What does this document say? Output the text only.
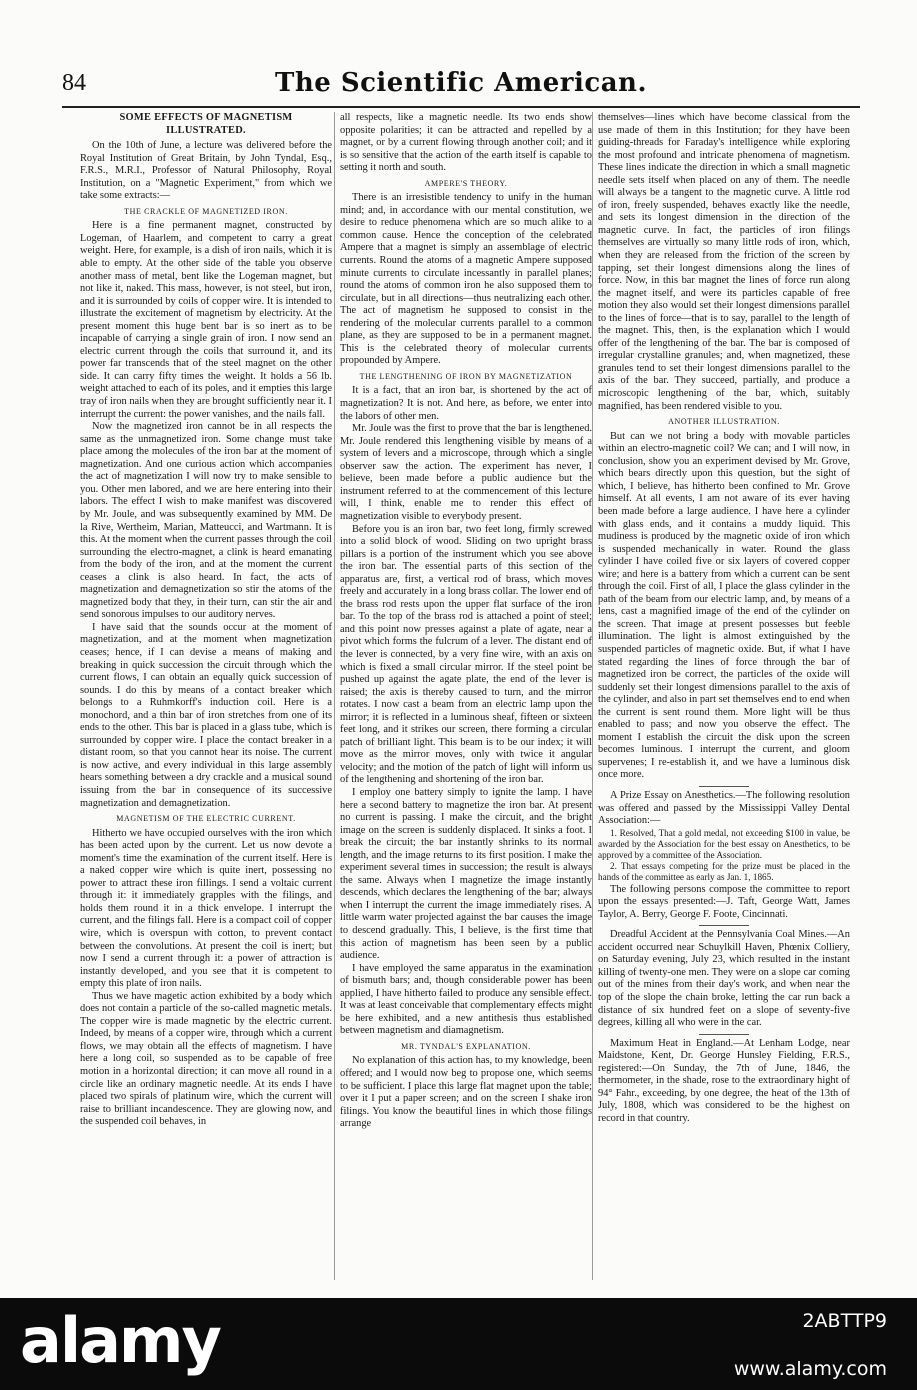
84	The Scientific American.
SOME EFFECTS OF MAGNETISM ILLUSTRATED.

On the 10th of June, a lecture was delivered before the Royal Institution of Great Britain, by John Tyndal, Esq., F.R.S., M.R.I., Professor of Natural Philosophy, Royal Institution, on a "Magnetic Experiment," from which we take some extracts:—

THE CRACKLE OF MAGNETIZED IRON.

Here is a fine permanent magnet, constructed by Logeman, of Haarlem, and competent to carry a great weight. Here, for example, is a dish of iron nails, which it is able to empty. At the other side of the table you observe another mass of metal, bent like the Logeman magnet, but not like it, naked. This mass, however, is not steel, but iron, and it is surrounded by coils of copper wire. It is intended to illustrate the excitement of magnetism by electricity. At the present moment this huge bent bar is so inert as to be incapable of carrying a single grain of iron. I now send an electric current through the coils that surround it, and its power far transcends that of the steel magnet on the other side. It can carry fifty times the weight. It holds a 56 lb. weight attached to each of its poles, and it empties this large tray of iron nails when they are brought sufficiently near it. I interrupt the current: the power vanishes, and the nails fall.

Now the magnetized iron cannot be in all respects the same as the unmagnetized iron. Some change must take place among the molecules of the iron bar at the moment of magnetization. And one curious action which accompanies the act of magnetization I will now try to make sensible to you. Other men labored, and we are here entering into their labors. The effect I wish to make manifest was discovered by Mr. Joule, and was subsequently examined by MM. De la Rive, Wertheim, Marian, Matteucci, and Wartmann. It is this. At the moment when the current passes through the coil surrounding the electro-magnet, a clink is heard emanating from the body of the iron, and at the moment the current ceases a clink is also heard. In fact, the acts of magnetization and demagnetization so stir the atoms of the magnetized body that they, in their turn, can stir the air and send sonorous impulses to our auditory nerves.

I have said that the sounds occur at the moment of magnetization, and at the moment when magnetization ceases; hence, if I can devise a means of making and breaking in quick succession the circuit through which the current flows, I can obtain an equally quick succession of sounds. I do this by means of a contact breaker which belongs to a Ruhmkorff's induction coil. Here is a monochord, and a thin bar of iron stretches from one of its ends to the other. This bar is placed in a glass tube, which is surrounded by copper wire. I place the contact breaker in a distant room, so that you cannot hear its noise. The current is now active, and every individual in this large assembly hears something between a dry crackle and a musical sound issuing from the bar in consequence of its successive magnetization and demagnetization.

MAGNETISM OF THE ELECTRIC CURRENT.

Hitherto we have occupied ourselves with the iron which has been acted upon by the current. Let us now devote a moment's time the examination of the current itself. Here is a naked copper wire which is quite inert, possessing no power to attract these iron fillings. I send a voltaic current through it: it immediately grapples with the filings, and holds them round it in a thick envelope. I interrupt the current, and the filings fall. Here is a compact coil of copper wire, which is overspun with cotton, to prevent contact between the convolutions. At present the coil is inert; but now I send a current through it: a power of attraction is instantly developed, and you see that it is competent to empty this plate of iron nails.

Thus we have magetic action exhibited by a body which does not contain a particle of the so-called magnetic metals. The copper wire is made magnetic by the electric current. Indeed, by means of a copper wire, through which a current flows, we may obtain all the effects of magnetism. I have here a long coil, so suspended as to be capable of free motion in a horizontal direction; it can move all round in a circle like an ordinary magnetic needle. At its ends I have placed two spirals of platinum wire, which the current will raise to brilliant incandescence. They are glowing now, and the suspended coil behaves, in

all respects, like a magnetic needle. Its two ends show opposite polarities; it can be attracted and repelled by a magnet, or by a current flowing through another coil; and it is so sensitive that the action of the earth itself is capable to setting it north and south.

AMPERE'S THEORY.

There is an irresistible tendency to unify in the human mind; and, in accordance with our mental constitution, we desire to reduce phenomena which are so much alike to a common cause. Hence the conception of the celebrated Ampere that a magnet is simply an assemblage of electric currents. Round the atoms of a magnetic Ampere supposed minute currents to circulate incessantly in parallel planes; round the atoms of common iron he also supposed them to circulate, but in all directions—thus neutralizing each other. The act of magnetism he supposed to consist in the rendering of the molecular currents parallel to a common plane, as they are supposed to be in a permanent magnet. This is the celebrated theory of molecular currents propounded by Ampere.

THE LENGTHENING OF IRON BY MAGNETIZATION

It is a fact, that an iron bar, is shortened by the act of magnetization? It is not. And here, as before, we enter into the labors of other men.

Mr. Joule was the first to prove that the bar is lengthened. Mr. Joule rendered this lengthening visible by means of a system of levers and a microscope, through which a single observer saw the action. The experiment has never, I believe, been made before a public audience but the instrument referred to at the commencement of this lecture will, I think, enable me to render this effect of magnetization visible to everybody present.

Before you is an iron bar, two feet long, firmly screwed into a solid block of wood. Sliding on two upright brass pillars is a portion of the instrument which you see above the iron bar. The essential parts of this section of the apparatus are, first, a vertical rod of brass, which moves freely and accurately in a long brass collar. The lower end of the brass rod rests upon the upper flat surface of the iron bar. To the top of the brass rod is attached a point of steel; and this point now presses against a plate of agate, near a pivot which forms the fulcrum of a lever. The distant end of the lever is connected, by a very fine wire, with an axis on which is fixed a small circular mirror. If the steel point be pushed up against the agate plate, the end of the lever is raised; the axis is thereby caused to turn, and the mirror rotates. I now cast a beam from an electric lamp upon the mirror; it is reflected in a luminous sheaf, fifteen or sixteen feet long, and it strikes our screen, there forming a circular patch of brilliant light. This beam is to be our index; it will move as the mirror moves, only with twice it angular velocity; and the motion of the patch of light will inform us of the lengthening and shortening of the iron bar.

I employ one battery simply to ignite the lamp. I have here a second battery to magnetize the iron bar. At present no current is passing. I make the circuit, and the bright image on the screen is suddenly displaced. It sinks a foot. I break the circuit; the bar instantly shrinks to its normal length, and the image returns to its first position. I make the experiment several times in succession; the result is always the same. Always when I magnetize the image instantly descends, which declares the lengthening of the bar; always when I interrupt the current the image immediately rises. A little warm water projected against the bar causes the image to descend gradually. This, I believe, is the first time that this action of magnetism has been seen by a public audience.

I have employed the same apparatus in the examination of bismuth bars; and, though considerable power has been applied, I have hitherto failed to produce any sensible effect. It was at least conceivable that complementary effects might be here exhibited, and a new antithesis thus established between magnetism and diamagnetism.

MR. TYNDAL'S EXPLANATION.

No explanation of this action has, to my knowledge, been offered; and I would now beg to propose one, which seems to be sufficient. I place this large flat magnet upon the table; over it I put a paper screen; and on the screen I shake iron filings. You know the beautiful lines in which those filings arrange

themselves—lines which have become classical from the use made of them in this Institution; for they have been guiding-threads for Faraday's intelligence while exploring the most profound and intricate phenomena of magnetism. These lines indicate the direction in which a small magnetic needle sets itself when placed on any of them. The needle will always be a tangent to the magnetic curve. A little rod of iron, freely suspended, behaves exactly like the needle, and sets its longest dimension in the direction of the magnetic curve. In fact, the particles of iron filings themselves are virtually so many little rods of iron, which, when they are released from the friction of the screen by tapping, set their longest dimensions along the lines of force. Now, in this bar magnet the lines of force run along the magnet itself, and were its particles capable of free motion they also would set their longest dimensions parallel to the lines of force—that is to say, parallel to the length of the magnet. This, then, is the explanation which I would offer of the lengthening of the bar. The bar is composed of irregular crystalline granules; and, when magnetized, these granules tend to set their longest dimensions parallel to the axis of the bar. They succeed, partially, and produce a microscopic lengthening of the bar, which, suitably magnified, has been rendered visible to you.

ANOTHER ILLUSTRATION.

But can we not bring a body with movable particles within an electro-magnetic coil? We can; and I will now, in conclusion, show you an experiment devised by Mr. Grove, which bears directly upon this question, but the sight of which, I believe, has hitherto been confined to Mr. Grove himself. At all events, I am not aware of its ever having been made before a large audience. I have here a cylinder with glass ends, and it contains a muddy liquid. This mudiness is produced by the magnetic oxide of iron which is suspended mechanically in water. Round the glass cylinder I have coiled five or six layers of covered copper wire; and here is a battery from which a current can be sent through the coil. First of all, I place the glass cylinder in the path of the beam from our electric lamp, and, by means of a lens, cast a magnified image of the end of the cylinder on the screen. That image at present possesses but feeble illumination. The light is almost extinguished by the suspended particles of magnetic oxide. But, if what I have stated regarding the lines of force through the bar of magnetized iron be correct, the particles of the oxide will suddenly set their longest dimensions parallel to the axis of the cylinder, and also in part set themselves end to end when the current is sent round them. More light will be thus enabled to pass; and now you observe the effect. The moment I establish the circuit the disk upon the screen becomes luminous. I interrupt the current, and gloom supervenes; I re-establish it, and we have a luminous disk once more.

A Prize Essay on Anesthetics.—The following resolution was offered and passed by the Mississippi Valley Dental Association:—

1. Resolved, That a gold medal, not exceeding $100 in value, be awarded by the Association for the best essay on Anesthetics, to be approved by a committee of the Association.

2. That essays competing for the prize must be placed in the hands of the committee as early as Jan. 1, 1865.

The following persons compose the committee to report upon the essays presented:—J. Taft, George Watt, James Taylor, A. Berry, George F. Foote, Cincinnati.

Dreadful Accident at the Pennsylvania Coal Mines.—An accident occurred near Schuylkill Haven, Phœnix Colliery, on Saturday evening, July 23, which resulted in the instant killing of twenty-one men. They were on a slope car coming out of the mines from their day's work, and when near the top of the slope the chain broke, letting the car run back a distance of six hundred feet on a slope of seventy-five degrees, killing all who were in the car.

Maximum Heat in England.—At Lenham Lodge, near Maidstone, Kent, Dr. George Hunsley Fielding, F.R.S., registered:—On Sunday, the 7th of June, 1846, the thermometer, in the shade, rose to the extraordinary hight of 94° Fahr., exceeding, by one degree, the heat of the 13th of July, 1808, which was considered to be the highest on record in that country.

alamy	2ABTTP9
www.alamy.com
